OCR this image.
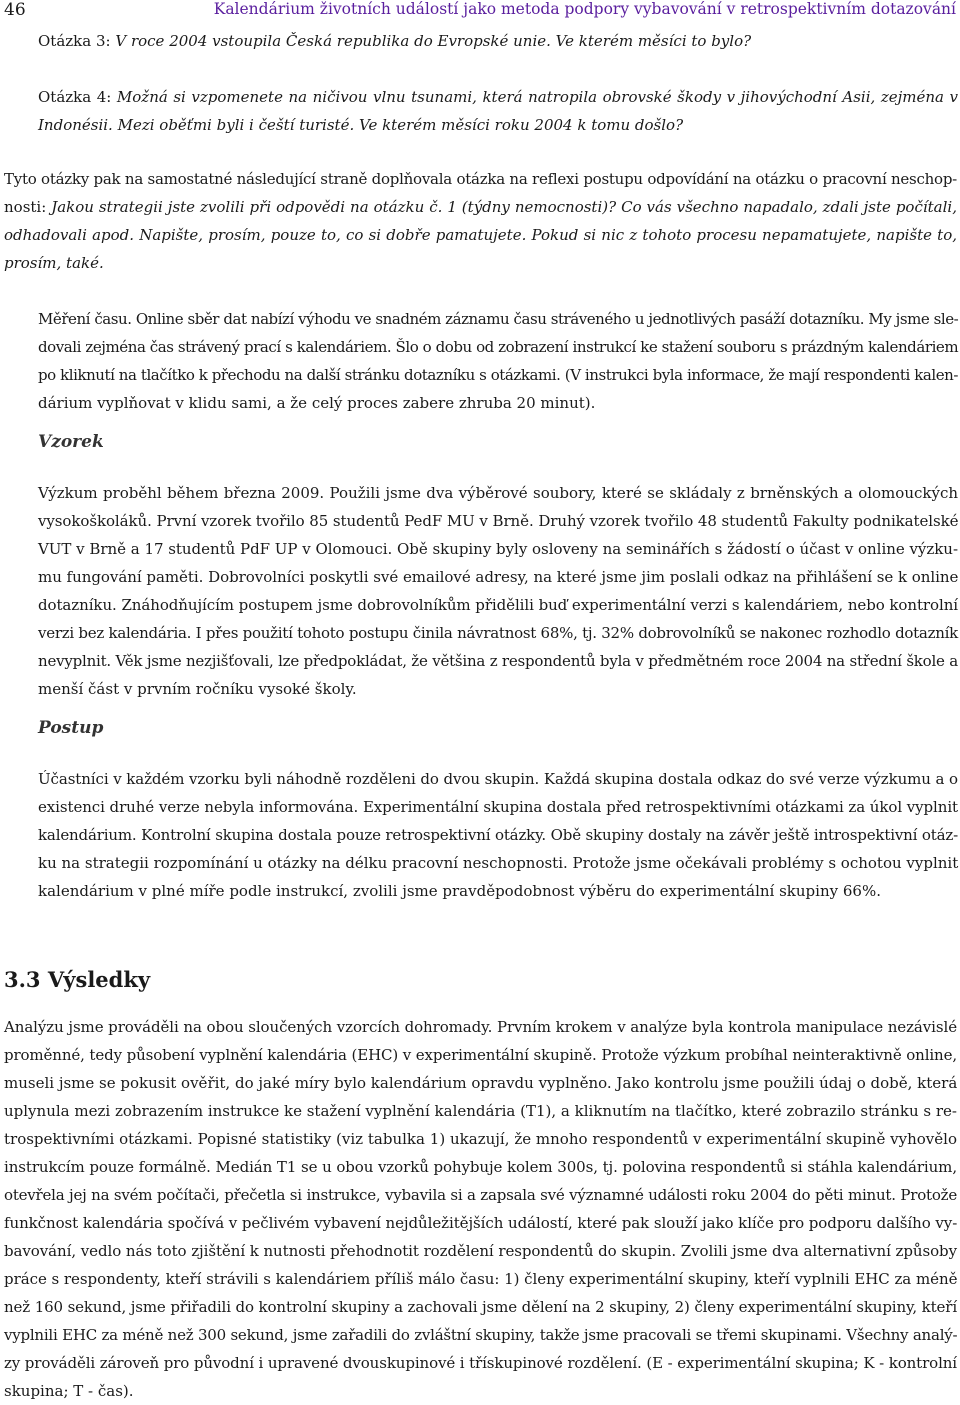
46	Kalendárium životních událostí jako metoda podpory vybavování v retrospektivním dotazování

Otázka 3: V roce 2004 vstoupila Česká republika do Evropské unie. Ve kterém měsíci to bylo?

Otázka 4: Možná si vzpomenete na ničivou vlnu tsunami, která natropila obrovské škody v jihovýchodní Asii, zejména v
Indonésii. Mezi oběťmi byli i čeští turisté. Ve kterém měsíci roku 2004 k tomu došlo?

Tyto otázky pak na samostatné následující straně doplňovala otázka na reflexi postupu odpovídání na otázku o pracovní neschop-
nosti: Jakou strategii jste zvolili při odpovědi na otázku č. 1 (týdny nemocnosti)? Co vás všechno napadalo, zdali jste počítali,
odhadovali apod. Napište, prosím, pouze to, co si dobře pamatujete. Pokud si nic z tohoto procesu nepamatujete, napište to,
prosím, také.

Měření času. Online sběr dat nabízí výhodu ve snadném záznamu času stráveného u jednotlivých pasáží dotazníku. My jsme sle-
dovali zejména čas strávený prací s kalendáriem. Šlo o dobu od zobrazení instrukcí ke stažení souboru s prázdným kalendáriem
po kliknutí na tlačítko k přechodu na další stránku dotazníku s otázkami. (V instrukci byla informace, že mají respondenti kalen-
dárium vyplňovat v klidu sami, a že celý proces zabere zhruba 20 minut).

Vzorek

Výzkum proběhl během března 2009. Použili jsme dva výběrové soubory, které se skládaly z brněnských a olomouckých
vysokoškoláků. První vzorek tvořilo 85 studentů PedF MU v Brně. Druhý vzorek tvořilo 48 studentů Fakulty podnikatelské
VUT v Brně a 17 studentů PdF UP v Olomouci. Obě skupiny byly osloveny na seminářích s žádostí o účast v online výzku-
mu fungování paměti. Dobrovolníci poskytli své emailové adresy, na které jsme jim poslali odkaz na přihlášení se k online
dotazníku. Znáhodňujícím postupem jsme dobrovolníkům přidělili buď experimentální verzi s kalendáriem, nebo kontrolní
verzi bez kalendária. I přes použití tohoto postupu činila návratnost 68%, tj. 32% dobrovolníků se nakonec rozhodlo dotazník
nevyplnit. Věk jsme nezjišťovali, lze předpokládat, že většina z respondentů byla v předmětném roce 2004 na střední škole a
menší část v prvním ročníku vysoké školy.

Postup

Účastníci v každém vzorku byli náhodně rozděleni do dvou skupin. Každá skupina dostala odkaz do své verze výzkumu a o
existenci druhé verze nebyla informována. Experimentální skupina dostala před retrospektivními otázkami za úkol vyplnit
kalendárium. Kontrolní skupina dostala pouze retrospektivní otázky. Obě skupiny dostaly na závěr ještě introspektivní otáz-
ku na strategii rozpomínání u otázky na délku pracovní neschopnosti. Protože jsme očekávali problémy s ochotou vyplnit
kalendárium v plné míře podle instrukcí, zvolili jsme pravděpodobnost výběru do experimentální skupiny 66%.

3.3 Výsledky

Analýzu jsme prováděli na obou sloučených vzorcích dohromady. Prvním krokem v analýze byla kontrola manipulace nezávislé
proměnné, tedy působení vyplnění kalendária (EHC) v experimentální skupině. Protože výzkum probíhal neinteraktivně online,
museli jsme se pokusit ověřit, do jaké míry bylo kalendárium opravdu vyplněno. Jako kontrolu jsme použili údaj o době, která
uplynula mezi zobrazením instrukce ke stažení vyplnění kalendária (T1), a kliknutím na tlačítko, které zobrazilo stránku s re-
trospektivními otázkami. Popisné statistiky (viz tabulka 1) ukazují, že mnoho respondentů v experimentální skupině vyhovělo
instrukcím pouze formálně. Medián T1 se u obou vzorků pohybuje kolem 300s, tj. polovina respondentů si stáhla kalendárium,
otevřela jej na svém počítači, přečetla si instrukce, vybavila si a zapsala své významné události roku 2004 do pěti minut. Protože
funkčnost kalendária spočívá v pečlivém vybavení nejdůležitějších událostí, které pak slouží jako klíče pro podporu dalšího vy-
bavování, vedlo nás toto zjištění k nutnosti přehodnotit rozdělení respondentů do skupin. Zvolili jsme dva alternativní způsoby
práce s respondenty, kteří strávili s kalendáriem příliš málo času: 1) členy experimentální skupiny, kteří vyplnili EHC za méně
než 160 sekund, jsme přiřadili do kontrolní skupiny a zachovali jsme dělení na 2 skupiny, 2) členy experimentální skupiny, kteří
vyplnili EHC za méně než 300 sekund, jsme zařadili do zvláštní skupiny, takže jsme pracovali se třemi skupinami. Všechny analý-
zy prováděli zároveň pro původní i upravené dvouskupinové i třískupinové rozdělení. (E - experimentální skupina; K - kontrolní
skupina; T - čas).
